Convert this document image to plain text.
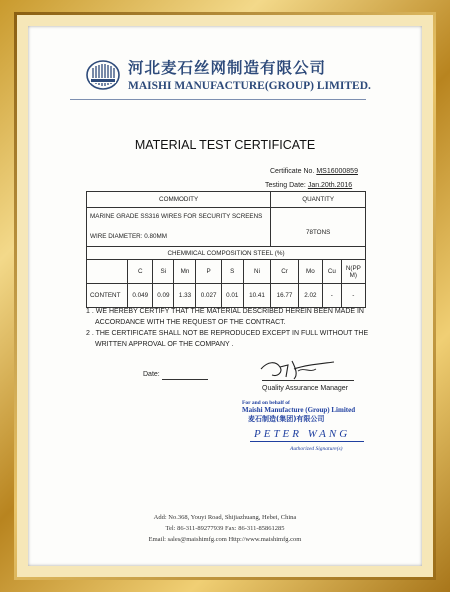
河北麦石丝网制造有限公司
MAISHI MANUFACTURE(GROUP) LIMITED.
MATERIAL TEST CERTIFICATE
Certificate No. MS16000859
Testing Date: Jan.20th.2016
COMMODITY							QUANTITY			

MARINE GRADE SS316 WIRES FOR SECURITY SCREENS
WIRE DIAMETER: 0.80MM							78TONS			
CHEMMICAL COMPOSITION STEEL (%)										
	C	Si	Mn	P	S	Ni	Cr	Mo	Cu	N(PPM)
CONTENT	0.049	0.09	1.33	0.027	0.01	10.41	16.77	2.02	-	-
1 . WE HEREBY CERTIFY THAT THE MATERIAL DESCRIBED HEREIN BEEN MADE IN
ACCORDANCE WITH THE REQUEST OF THE CONTRACT.
2 . THE CERTIFICATE SHALL NOT BE REPRODUCED EXCEPT IN FULL WITHOUT THE
WRITTEN APPROVAL OF THE COMPANY .
Date:
Quality Assurance Manager
For and on behalf of
Maishi Manufacture (Group) Limited
麦石制造(集团)有限公司
PETER WANG
Authorized Signature(s)
Add: No.368, Youyi Road, Shijiazhuang, Hebei, China
Tel: 86-311-89277939 Fax: 86-311-85861285
Email: sales@maishimfg.com Http://www.maishimfg.com
